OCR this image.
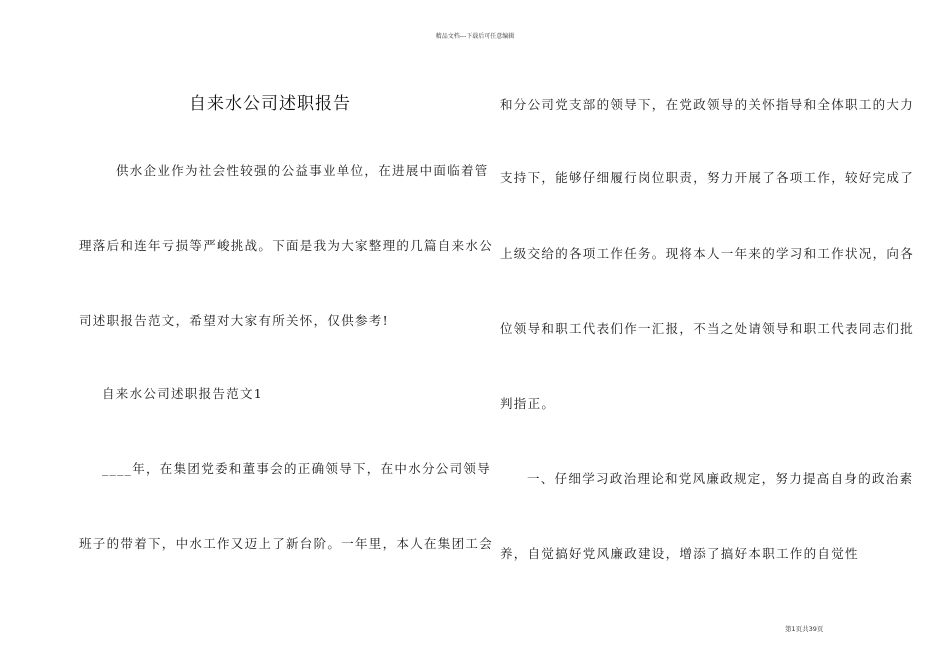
精品文档---下载后可任意编辑
自来水公司述职报告
供水企业作为社会性较强的公益事业单位，在进展中面临着管
理落后和连年亏损等严峻挑战。下面是我为大家整理的几篇自来水公
司述职报告范文，希望对大家有所关怀，仅供参考!
自来水公司述职报告范文1
____年，在集团党委和董事会的正确领导下，在中水分公司领导
班子的带着下，中水工作又迈上了新台阶。一年里，本人在集团工会
和分公司党支部的领导下，在党政领导的关怀指导和全体职工的大力
支持下，能够仔细履行岗位职责，努力开展了各项工作，较好完成了
上级交给的各项工作任务。现将本人一年来的学习和工作状况，向各
位领导和职工代表们作一汇报，不当之处请领导和职工代表同志们批
判指正。
一、仔细学习政治理论和党风廉政规定，努力提高自身的政治素
养，自觉搞好党风廉政建设，增添了搞好本职工作的自觉性
第1页共39页
